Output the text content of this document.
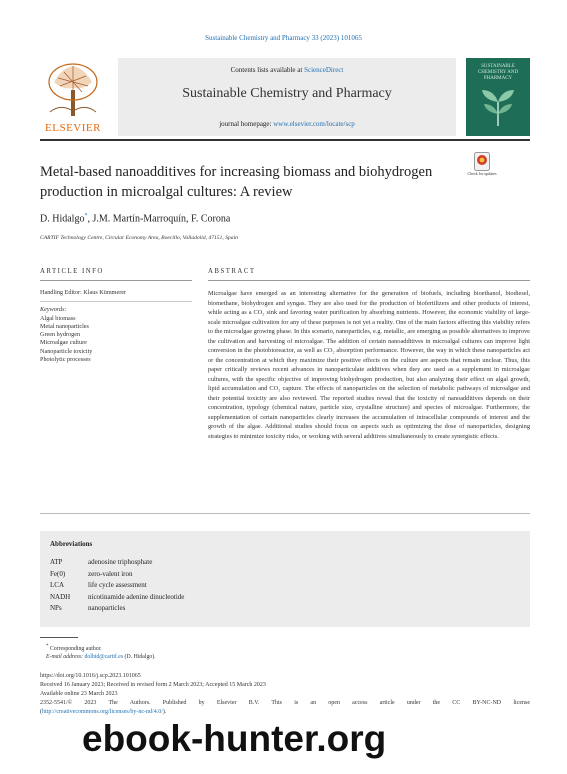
Sustainable Chemistry and Pharmacy 33 (2023) 101065
ELSEVIER
Contents lists available at ScienceDirect
Sustainable Chemistry and Pharmacy
journal homepage: www.elsevier.com/locate/scp
SUSTAINABLE CHEMISTRY AND PHARMACY
Check for updates
Metal-based nanoadditives for increasing biomass and biohydrogen production in microalgal cultures: A review
D. Hidalgo*, J.M. Martín-Marroquín, F. Corona
CARTIF Technology Centre, Circular Economy Area, Boecillo, Valladolid, 47151, Spain
ARTICLE INFO
Handling Editor: Klaus Kümmerer
Keywords:
Algal biomass
Metal nanoparticles
Green hydrogen
Microalgae culture
Nanoparticle toxicity
Photolytic processes
ABSTRACT
Microalgae have emerged as an interesting alternative for the generation of biofuels, including bioethanol, biodiesel, biomethane, biohydrogen and syngas. They are also used for the production of biofertilizers and other products of interest, while acting as a CO₂ sink and favoring water purification by absorbing nutrients. However, the economic viability of large-scale microalgae cultivation for any of these purposes is not yet a reality. One of the main factors affecting this viability refers to the microalgae growing phase. In this scenario, nanoparticles, e.g. metallic, are emerging as possible alternatives to improve the cultivation and harvesting of microalgae. The addition of certain nanoadditives in microalgal cultures can improve light conversion in the photobioreactor, as well as CO₂ absorption performance. However, the way in which these nanoparticles act or the concentration at which they maximize their positive effects on the culture are aspects that remain unclear. Thus, this paper critically reviews recent advances in nanoparticulate additives when they are used as a supplement in microalgae cultures, with the specific objective of improving biohydrogen production, but also analyzing their effect on algal growth, lipid accumulation and CO₂ capture. The effects of nanoparticles on the selection of metabolic pathways of microalgae and their potential toxicity are also reviewed. The reported studies reveal that the toxicity of nanoadditives depends on their concentration, typology (chemical nature, particle size, crystalline structure) and species of microalgae. Furthermore, the supplementation of certain nanoparticles clearly increases the accumulation of intracellular compounds of interest and the growth of the algae. Additional studies should focus on aspects such as optimizing the dose of nanoparticles, designing strategies to minimize toxicity risks, or working with several additives simultaneously to create synergistic effects.
Abbreviations
ATP	adenosine triphosphate
Fe(0)	zero-valent iron
LCA	life cycle assessment
NADH	nicotinamide adenine dinucleotide
NPs	nanoparticles
* Corresponding author.
E-mail address: dolhid@cartif.es (D. Hidalgo).
https://doi.org/10.1016/j.scp.2023.101065
Received 16 January 2023; Received in revised form 2 March 2023; Accepted 15 March 2023
Available online 23 March 2023
2352-5541/© 2023 The Authors. Published by Elsevier B.V. This is an open access article under the CC BY-NC-ND license
(http://creativecommons.org/licenses/by-nc-nd/4.0/).
ebook-hunter.org
